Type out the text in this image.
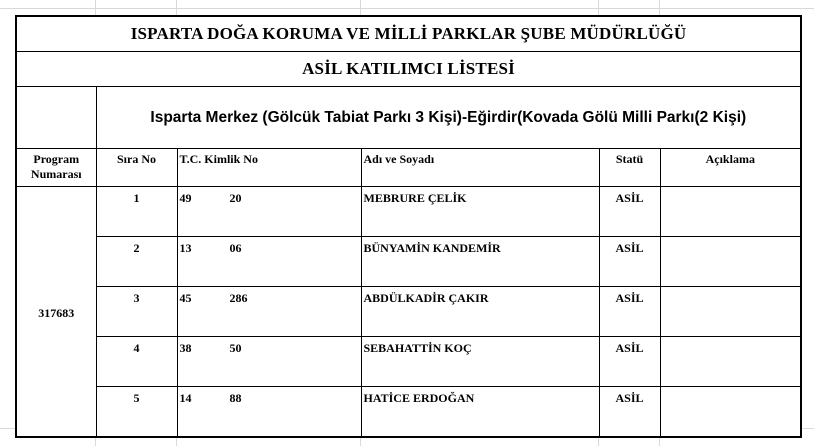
ISPARTA DOĞA KORUMA VE MİLLİ PARKLAR ŞUBE MÜDÜRLÜĞÜ					
ASİL KATILIMCI LİSTESİ					
	Isparta Merkez (Gölcük Tabiat Parkı 3 Kişi)-Eğirdir(Kovada Gölü Milli Parkı(2 Kişi)				
Program Numarası	Sıra No	T.C. Kimlik No	Adı ve Soyadı	Statü	Açıklama
317683	1	49 20	MEBRURE ÇELİK	ASİL	
	2	13 06	BÜNYAMİN KANDEMİR	ASİL	
	3	45 286	ABDÜLKADİR ÇAKIR	ASİL	
	4	38 50	SEBAHATTİN KOÇ	ASİL	
	5	14 88	HATİCE ERDOĞAN	ASİL	
